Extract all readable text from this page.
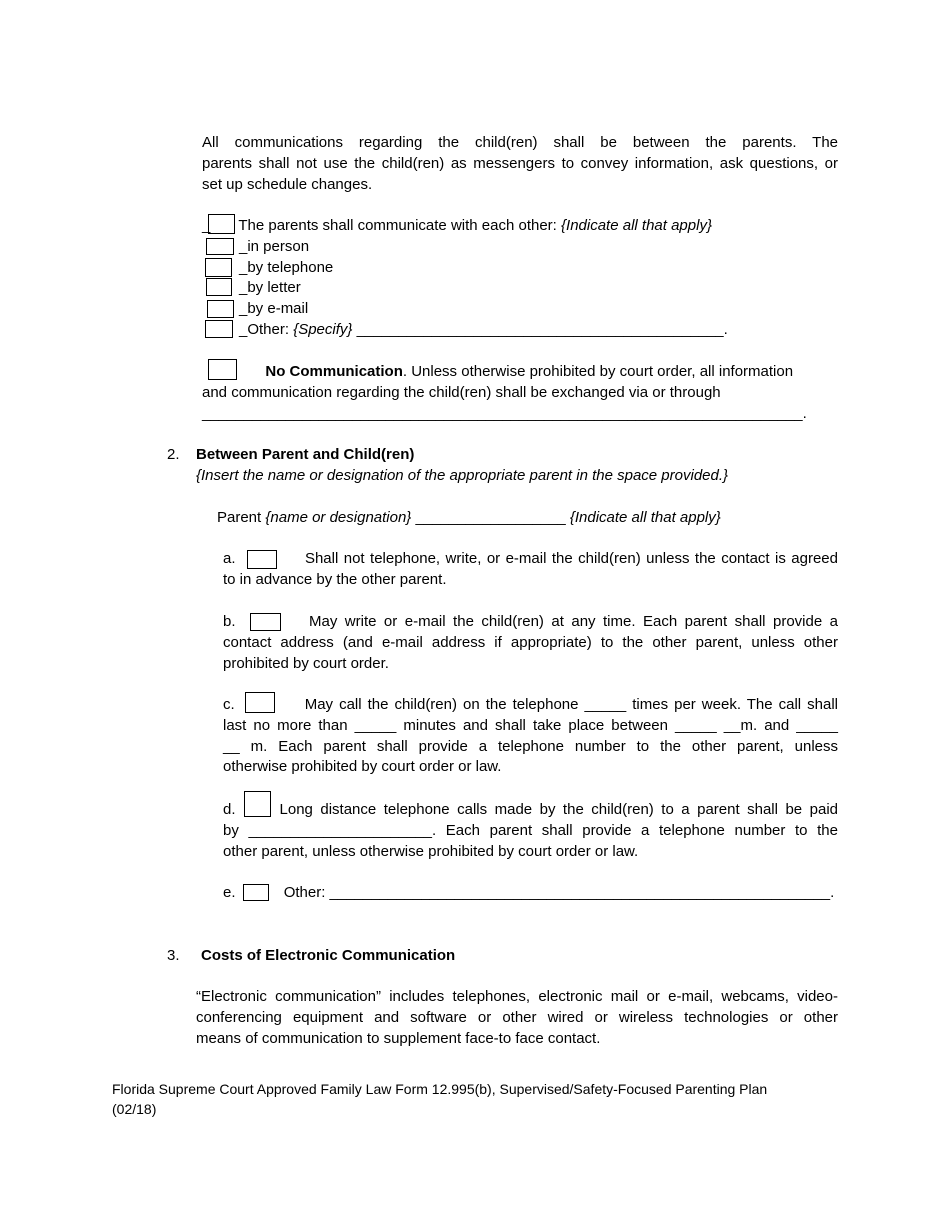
All communications regarding the child(ren) shall be between the parents. The
parents shall not use the child(ren) as messengers to convey information, ask questions, or
set up schedule changes.
_ The parents shall communicate with each other: {Indicate all that apply}
_in person
_by telephone
_by letter
_by e-mail
_Other: {Specify} ____________________________________________.
No Communication. Unless otherwise prohibited by court order, all information
and communication regarding the child(ren) shall be exchanged via or through
________________________________________________________________________.
2. Between Parent and Child(ren)
{Insert the name or designation of the appropriate parent in the space provided.}
Parent {name or designation} __________________ {Indicate all that apply}
a.	Shall not telephone, write, or e-mail the child(ren) unless the contact is agreed
to in advance by the other parent.
b.	May write or e-mail the child(ren) at any time. Each parent shall provide a
contact address (and e-mail address if appropriate) to the other parent, unless other
prohibited by court order.
c.	May call the child(ren) on the telephone _____ times per week. The call shall
last no more than _____ minutes and shall take place between _____ __m. and _____
__ m. Each parent shall provide a telephone number to the other parent, unless
otherwise prohibited by court order or law.
d.	Long distance telephone calls made by the child(ren) to a parent shall be paid
by ______________________. Each parent shall provide a telephone number to the
other parent, unless otherwise prohibited by court order or law.
e.	Other: ____________________________________________________________.
3. Costs of Electronic Communication
“Electronic communication” includes telephones, electronic mail or e-mail, webcams, video-
conferencing equipment and software or other wired or wireless technologies or other
means of communication to supplement face-to face contact.
Florida Supreme Court Approved Family Law Form 12.995(b), Supervised/Safety-Focused Parenting Plan
(02/18)
